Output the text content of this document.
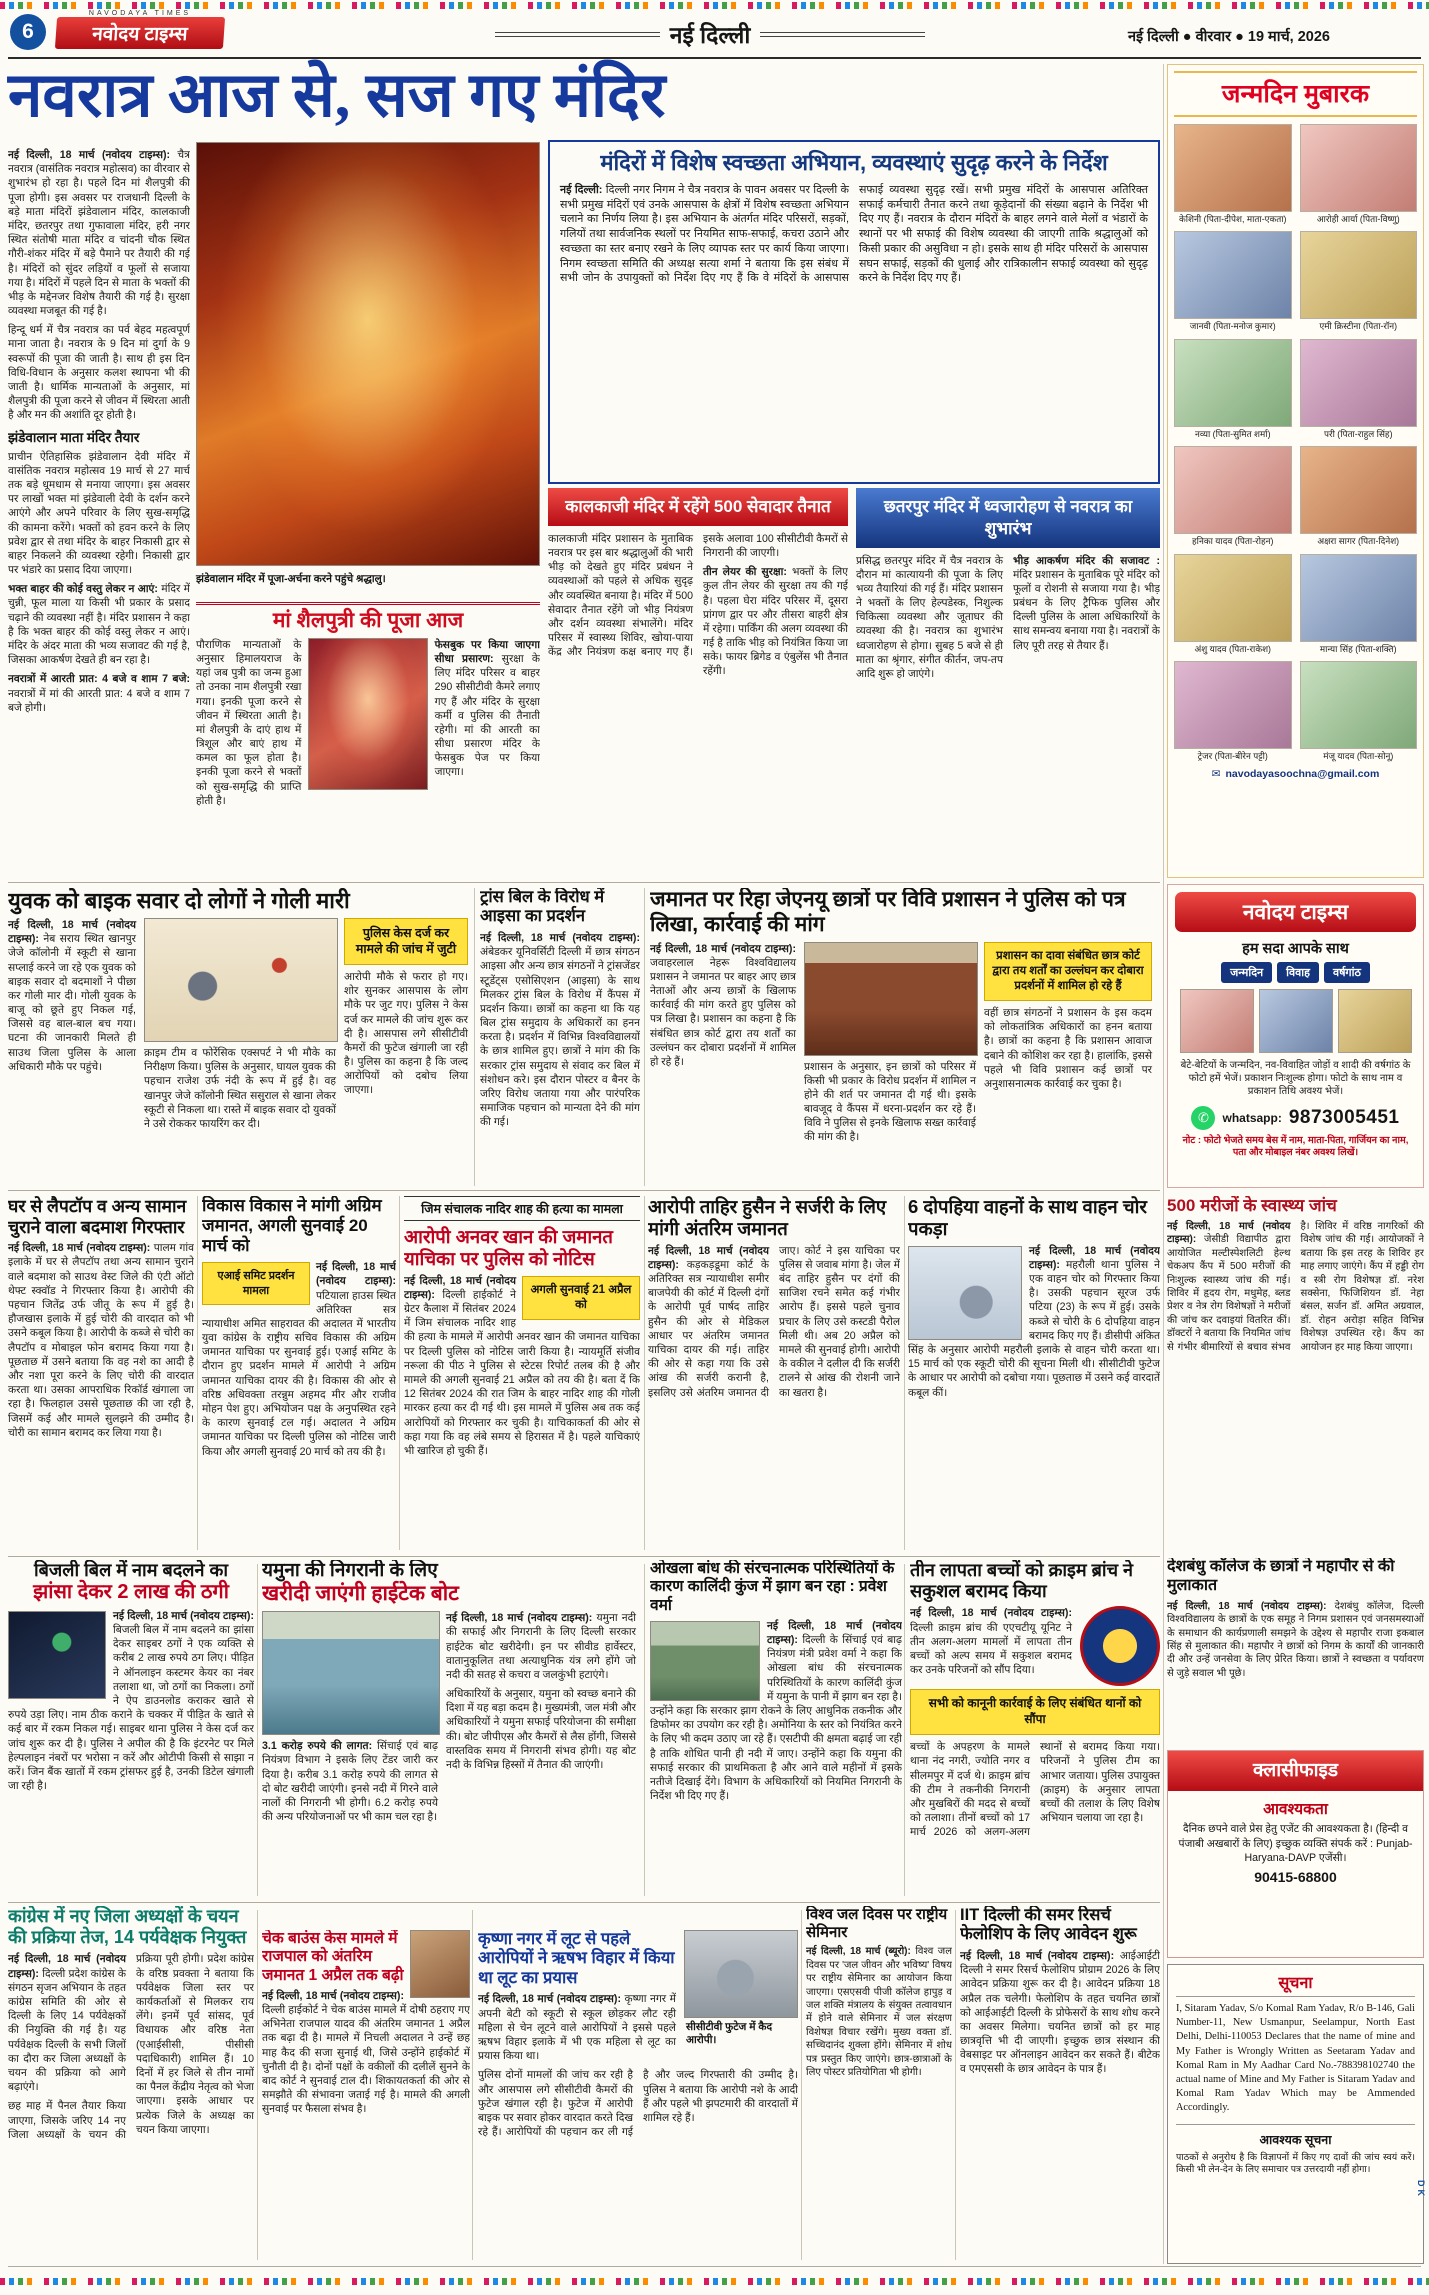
6
NAVODAYA TIMES
नवोदय टाइम्स	नई दिल्ली	नई दिल्ली ● वीरवार ● 19 मार्च, 2026
नवरात्र आज से, सज गए मंदिर

नई दिल्ली, 18 मार्च (नवोदय टाइम्स): चैत्र नवरात्र (वासंतिक नवरात्र महोत्सव) का वीरवार से शुभारंभ हो रहा है। पहले दिन मां शैलपुत्री की पूजा होगी। इस अवसर पर राजधानी दिल्ली के बड़े माता मंदिरों झंडेवालान मंदिर, कालकाजी मंदिर, छतरपुर तथा गुफावाला मंदिर, हरी नगर स्थित संतोषी माता मंदिर व चांदनी चौक स्थित गौरी-शंकर मंदिर में बड़े पैमाने पर तैयारी की गई है। मंदिरों को सुंदर लड़ियों व फूलों से सजाया गया है। मंदिरों में पहले दिन से माता के भक्तों की भीड़ के मद्देनजर विशेष तैयारी की गई है। सुरक्षा व्यवस्था मजबूत की गई है।

हिन्दू धर्म में चैत्र नवरात्र का पर्व बेहद महत्वपूर्ण माना जाता है। नवरात्र के 9 दिन मां दुर्गा के 9 स्वरूपों की पूजा की जाती है। साथ ही इस दिन विधि-विधान के अनुसार कलश स्थापना भी की जाती है। धार्मिक मान्यताओं के अनुसार, मां शैलपुत्री की पूजा करने से जीवन में स्थिरता आती है और मन की अशांति दूर होती है।

झंडेवालान माता मंदिर तैयार

प्राचीन ऐतिहासिक झंडेवालान देवी मंदिर में वासंतिक नवरात्र महोत्सव 19 मार्च से 27 मार्च तक बड़े धूमधाम से मनाया जाएगा। इस अवसर पर लाखों भक्त मां झंडेवाली देवी के दर्शन करने आएंगे और अपने परिवार के लिए सुख-समृद्धि की कामना करेंगे। भक्तों को हवन करने के लिए प्रवेश द्वार से तथा मंदिर के बाहर निकासी द्वार से बाहर निकलने की व्यवस्था रहेगी। निकासी द्वार पर भंडारे का प्रसाद दिया जाएगा।

भक्त बाहर की कोई वस्तु लेकर न आएं: मंदिर में चुन्नी, फूल माला या किसी भी प्रकार के प्रसाद चढ़ाने की व्यवस्था नहीं है। मंदिर प्रशासन ने कहा है कि भक्त बाहर की कोई वस्तु लेकर न आएं। मंदिर के अंदर माता की भव्य सजावट की गई है, जिसका आकर्षण देखते ही बन रहा है।

नवरात्रों में आरती प्रात: 4 बजे व शाम 7 बजे: नवरात्रों में मां की आरती प्रात: 4 बजे व शाम 7 बजे होगी।

झंडेवालान मंदिर में पूजा-अर्चना करने पहुंचे श्रद्धालु।
मां शैलपुत्री की पूजा आज

पौराणिक मान्यताओं के अनुसार हिमालयराज के यहां जब पुत्री का जन्म हुआ तो उनका नाम शैलपुत्री रखा गया। इनकी पूजा करने से जीवन में स्थिरता आती है। मां शैलपुत्री के दाएं हाथ में त्रिशूल और बाएं हाथ में कमल का फूल होता है। इनकी पूजा करने से भक्तों को सुख-समृद्धि की प्राप्ति होती है।

फेसबुक पर किया जाएगा सीधा प्रसारण: सुरक्षा के लिए मंदिर परिसर व बाहर 290 सीसीटीवी कैमरे लगाए गए हैं और मंदिर के सुरक्षा कर्मी व पुलिस की तैनाती रहेगी। मां की आरती का सीधा प्रसारण मंदिर के फेसबुक पेज पर किया जाएगा।

मंदिरों में विशेष स्वच्छता अभियान, व्यवस्थाएं सुदृढ़ करने के निर्देश

नई दिल्ली: दिल्ली नगर निगम ने चैत्र नवरात्र के पावन अवसर पर दिल्ली के सभी प्रमुख मंदिरों एवं उनके आसपास के क्षेत्रों में विशेष स्वच्छता अभियान चलाने का निर्णय लिया है। इस अभियान के अंतर्गत मंदिर परिसरों, सड़कों, गलियों तथा सार्वजनिक स्थलों पर नियमित साफ-सफाई, कचरा उठाने और स्वच्छता का स्तर बनाए रखने के लिए व्यापक स्तर पर कार्य किया जाएगा। निगम स्वच्छता समिति की अध्यक्ष सत्या शर्मा ने बताया कि इस संबंध में सभी जोन के उपायुक्तों को निर्देश दिए गए हैं कि वे मंदिरों के आसपास सफाई व्यवस्था सुदृढ़ रखें। सभी प्रमुख मंदिरों के आसपास अतिरिक्त सफाई कर्मचारी तैनात करने तथा कूड़ेदानों की संख्या बढ़ाने के निर्देश भी दिए गए हैं। नवरात्र के दौरान मंदिरों के बाहर लगने वाले मेलों व भंडारों के स्थानों पर भी सफाई की विशेष व्यवस्था की जाएगी ताकि श्रद्धालुओं को किसी प्रकार की असुविधा न हो। इसके साथ ही मंदिर परिसरों के आसपास सघन सफाई, सड़कों की धुलाई और रात्रिकालीन सफाई व्यवस्था को सुदृढ़ करने के निर्देश दिए गए हैं।

कालकाजी मंदिर में रहेंगे 500 सेवादार तैनात

कालकाजी मंदिर प्रशासन के मुताबिक नवरात्र पर इस बार श्रद्धालुओं की भारी भीड़ को देखते हुए मंदिर प्रबंधन ने व्यवस्थाओं को पहले से अधिक सुदृढ़ और व्यवस्थित बनाया है। मंदिर में 500 सेवादार तैनात रहेंगे जो भीड़ नियंत्रण और दर्शन व्यवस्था संभालेंगे। मंदिर परिसर में स्वास्थ्य शिविर, खोया-पाया केंद्र और नियंत्रण कक्ष बनाए गए हैं। इसके अलावा 100 सीसीटीवी कैमरों से निगरानी की जाएगी।

तीन लेयर की सुरक्षा: भक्तों के लिए कुल तीन लेयर की सुरक्षा तय की गई है। पहला घेरा मंदिर परिसर में, दूसरा प्रांगण द्वार पर और तीसरा बाहरी क्षेत्र में रहेगा। पार्किंग की अलग व्यवस्था की गई है ताकि भीड़ को नियंत्रित किया जा सके। फायर ब्रिगेड व एंबुलेंस भी तैनात रहेंगी।

छतरपुर मंदिर में ध्वजारोहण से नवरात्र का शुभारंभ

प्रसिद्ध छतरपुर मंदिर में चैत्र नवरात्र के दौरान मां कात्यायनी की पूजा के लिए भव्य तैयारियां की गई हैं। मंदिर प्रशासन ने भक्तों के लिए हेल्पडेस्क, निशुल्क चिकित्सा व्यवस्था और जूताघर की व्यवस्था की है। नवरात्र का शुभारंभ ध्वजारोहण से होगा। सुबह 5 बजे से ही माता का श्रृंगार, संगीत कीर्तन, जप-तप आदि शुरू हो जाएंगे।

भीड़ आकर्षण मंदिर की सजावट : मंदिर प्रशासन के मुताबिक पूरे मंदिर को फूलों व रोशनी से सजाया गया है। भीड़ प्रबंधन के लिए ट्रैफिक पुलिस और दिल्ली पुलिस के आला अधिकारियों के साथ समन्वय बनाया गया है। नवरात्रों के लिए पूरी तरह से तैयार हैं।

युवक को बाइक सवार दो लोगों ने गोली मारी

नई दिल्ली, 18 मार्च (नवोदय टाइम्स): नेब सराय स्थित खानपुर जेजे कॉलोनी में स्कूटी से खाना सप्लाई करने जा रहे एक युवक को बाइक सवार दो बदमाशों ने पीछा कर गोली मार दी। गोली युवक के बाजू को छूते हुए निकल गई, जिससे वह बाल-बाल बच गया। घटना की जानकारी मिलते ही साउथ जिला पुलिस के आला अधिकारी मौके पर पहुंचे।

क्राइम टीम व फोरेंसिक एक्सपर्ट ने भी मौके का निरीक्षण किया। पुलिस के अनुसार, घायल युवक की पहचान राजेश उर्फ नंदी के रूप में हुई है। वह खानपुर जेजे कॉलोनी स्थित ससुराल से खाना लेकर स्कूटी से निकला था। रास्ते में बाइक सवार दो युवकों ने उसे रोककर फायरिंग कर दी।

पुलिस केस दर्ज कर मामले की जांच में जुटी

आरोपी मौके से फरार हो गए। शोर सुनकर आसपास के लोग मौके पर जुट गए। पुलिस ने केस दर्ज कर मामले की जांच शुरू कर द‍ी है। आसपास लगे सीसीटीवी कैमरों की फुटेज खंगाली जा रही है। पुलिस का कहना है कि जल्द आरोपियों को दबोच लिया जाएगा।

ट्रांस बिल के विरोध में आइसा का प्रदर्शन

नई दिल्ली, 18 मार्च (नवोदय टाइम्स): अंबेडकर यूनिवर्सिटी दिल्ली में छात्र संगठन आइसा और अन्य छात्र संगठनों ने ट्रांसजेंडर स्टूडेंट्स एसोसिएशन (आइसा) के साथ मिलकर ट्रांस बिल के विरोध में कैंपस में प्रदर्शन किया। छात्रों का कहना था कि यह बिल ट्रांस समुदाय के अधिकारों का हनन करता है। प्रदर्शन में विभिन्न विश्वविद्यालयों के छात्र शामिल हुए। छात्रों ने मांग की कि सरकार ट्रांस समुदाय से संवाद कर बिल में संशोधन करे। इस दौरान पोस्टर व बैनर के जरिए विरोध जताया गया और पारंपरिक समाजिक पहचान को मान्यता देने की मांग की गई।

जमानत पर रिहा जेएनयू छात्रों पर विवि प्रशासन ने पुलिस को पत्र लिखा, कार्रवाई की मांग

नई दिल्ली, 18 मार्च (नवोदय टाइम्स): जवाहरलाल नेहरू विश्वविद्यालय प्रशासन ने जमानत पर बाहर आए छात्र नेताओं और अन्य छात्रों के खिलाफ कार्रवाई की मांग करते हुए पुलिस को पत्र लिखा है। प्रशासन का कहना है कि संबंधित छात्र कोर्ट द्वारा तय शर्तों का उल्लंघन कर दोबारा प्रदर्शनों में शामिल हो रहे हैं।	प्रशासन के अनुसार, इन छात्रों को परिसर में किसी भी प्रकार के विरोध प्रदर्शन में शामिल न होने की शर्त पर जमानत दी गई थी। इसके बावजूद वे कैंपस में धरना-प्रदर्शन कर रहे हैं। विवि ने पुलिस से इनके खिलाफ सख्त कार्रवाई की मांग की है।

प्रशासन का दावा संबंधित छात्र कोर्ट द्वारा तय शर्तों का उल्लंघन कर दोबारा प्रदर्शनों में शामिल हो रहे हैं

वहीं छात्र संगठनों ने प्रशासन के इस कदम को लोकतांत्रिक अधिकारों का हनन बताया है। छात्रों का कहना है कि प्रशासन आवाज दबाने की कोशिश कर रहा है। हालांकि, इससे पहले भी विवि प्रशासन कई छात्रों पर अनुशासनात्मक कार्रवाई कर चुका है।

घर से लैपटॉप व अन्य सामान चुराने वाला बदमाश गिरफ्तार

नई दिल्ली, 18 मार्च (नवोदय टाइम्स): पालम गांव इलाके में घर से लैपटॉप तथा अन्य सामान चुराने वाले बदमाश को साउथ वेस्ट जिले की एंटी ऑटो थेफ्ट स्क्वॉड ने गिरफ्तार किया है। आरोपी की पहचान जितेंद्र उर्फ जीतू के रूप में हुई है। हौजखास इलाके में हुई चोरी की वारदात को भी उसने कबूल किया है। आरोपी के कब्जे से चोरी का लैपटॉप व मोबाइल फोन बरामद किया गया है। पूछताछ में उसने बताया कि वह नशे का आदी है और नशा पूरा करने के लिए चोरी की वारदात करता था। उसका आपराधिक रिकॉर्ड खंगाला जा रहा है। फिलहाल उससे पूछताछ की जा रही है, जिसमें कई और मामले सुलझने की उम्मीद है। चोरी का सामान बरामद कर लिया गया है।

विकास विकास ने मांगी अग्रिम जमानत, अगली सुनवाई 20 मार्च को
एआई समिट प्रदर्शन मामला

नई दिल्ली, 18 मार्च (नवोदय टाइम्स): पटियाला हाउस स्थित अतिरिक्त सत्र न्यायाधीश अमित साहरावत की अदालत में भारतीय युवा कांग्रेस के राष्ट्रीय सचिव विकास की अग्रिम जमानत याचिका पर सुनवाई हुई। एआई समिट के दौरान हुए प्रदर्शन मामले में आरोपी ने अग्रिम जमानत याचिका दायर की है। विकास की ओर से वरिष्ठ अधिवक्ता तरन्नुम अहमद मीर और राजीव मोहन पेश हुए। अभियोजन पक्ष के अनुपस्थित रहने के कारण सुनवाई टल गई। अदालत ने अग्रिम जमानत याचिका पर दिल्ली पुलिस को नोटिस जारी किया और अगली सुनवाई 20 मार्च को तय की है।

जिम संचालक नादिर शाह की हत्या का मामला
आरोपी अनवर खान की जमानत याचिका पर पुलिस को नोटिस
अगली सुनवाई 21 अप्रैल को

नई दिल्ली, 18 मार्च (नवोदय टाइम्स): दिल्ली हाईकोर्ट ने ग्रेटर कैलाश में सितंबर 2024 में जिम संचालक नादिर शाह की हत्या के मामले में आरोपी अनवर खान की जमानत याचिका पर दिल्ली पुलिस को नोटिस जारी किया है। न्यायमूर्ति संजीव नरूला की पीठ ने पुलिस से स्टेटस रिपोर्ट तलब की है और मामले की अगली सुनवाई 21 अप्रैल को तय की है। बता दें कि 12 सितंबर 2024 की रात जिम के बाहर नादिर शाह की गोली मारकर हत्या कर दी गई थी। इस मामले में पुलिस अब तक कई आरोपियों को गिरफ्तार कर चुकी है। याचिकाकर्ता की ओर से कहा गया कि वह लंबे समय से हिरासत में है। पहले याचिकाएं भी खारिज हो चुकी हैं।

आरोपी ताहिर हुसैन ने सर्जरी के लिए मांगी अंतरिम जमानत

नई दिल्ली, 18 मार्च (नवोदय टाइम्स): कड़कड़डूमा कोर्ट के अतिरिक्त सत्र न्यायाधीश समीर बाजपेयी की कोर्ट में दिल्ली दंगों के आरोपी पूर्व पार्षद ताहिर हुसैन की ओर से मेडिकल आधार पर अंतरिम जमानत याचिका दायर की गई। ताहिर की ओर से कहा गया कि उसे आंख की सर्जरी करानी है, इसलिए उसे अंतरिम जमानत दी जाए। कोर्ट ने इस याचिका पर पुलिस से जवाब मांगा है। जेल में बंद ताहिर हुसैन पर दंगों की साजिश रचने समेत कई गंभीर आरोप हैं। इससे पहले चुनाव प्रचार के लिए उसे कस्टडी पैरोल मिली थी। अब 20 अप्रैल को मामले की सुनवाई होगी। आरोपी के वकील ने दलील दी कि सर्जरी टालने से आंख की रोशनी जाने का खतरा है।

6 दोपहिया वाहनों के साथ वाहन चोर पकड़ा

नई दिल्ली, 18 मार्च (नवोदय टाइम्स): महरौली थाना पुलिस ने एक वाहन चोर को गिरफ्तार किया है। उसकी पहचान सूरज उर्फ पटिया (23) के रूप में हुई। उसके कब्जे से चोरी के 6 दोपहिया वाहन बरामद किए गए हैं। डीसीपी अंकित सिंह के अनुसार आरोपी महरौली इलाके से वाहन चोरी करता था। 15 मार्च को एक स्कूटी चोरी की सूचना मिली थी। सीसीटीवी फुटेज के आधार पर आरोपी को दबोचा गया। पूछताछ में उसने कई वारदातें कबूल कीं।

बिजली बिल में नाम बदलने का
झांसा देकर 2 लाख की ठगी

नई दिल्ली, 18 मार्च (नवोदय टाइम्स): बिजली बिल में नाम बदलने का झांसा देकर साइबर ठगों ने एक व्यक्ति से करीब 2 लाख रुपये ठग लिए। पीड़ित ने ऑनलाइन कस्टमर केयर का नंबर तलाशा था, जो ठगों का निकला। ठगों ने ऐप डाउनलोड कराकर खाते से रुपये उड़ा लिए। नाम ठीक कराने के चक्कर में पीड़ित के खाते से कई बार में रकम निकल गई। साइबर थाना पुलिस ने केस दर्ज कर जांच शुरू कर दी है। पुलिस ने अपील की है कि इंटरनेट पर मिले हेल्पलाइन नंबरों पर भरोसा न करें और ओटीपी किसी से साझा न करें। जिन बैंक खातों में रकम ट्रांसफर हुई है, उनकी डिटेल खंगाली जा रही है।

यमुना की निगरानी के लिए
खरीदी जाएंगी हाईटेक बोट

3.1 करोड़ रुपये की लागत: सिंचाई एवं बाढ़ नियंत्रण विभाग ने इसके लिए टेंडर जारी कर दिया है। करीब 3.1 करोड़ रुपये की लागत से दो बोट खरीदी जाएंगी। इनसे नदी में गिरने वाले नालों की निगरानी भी होगी। 6.2 करोड़ रुपये की अन्य परियोजनाओं पर भी काम चल रहा है।

नई दिल्ली, 18 मार्च (नवोदय टाइम्स): यमुना नदी की सफाई और निगरानी के लिए दिल्ली सरकार हाईटेक बोट खरीदेगी। इन पर सीवीड हार्वेस्टर, वातानुकूलित तथा अत्याधुनिक यंत्र लगे होंगे जो नदी की सतह से कचरा व जलकुंभी हटाएंगे।

अधिकारियों के अनुसार, यमुना को स्वच्छ बनाने की दिशा में यह बड़ा कदम है। मुख्यमंत्री, जल मंत्री और अधिकारियों ने यमुना सफाई परियोजना की समीक्षा की। बोट जीपीएस और कैमरों से लैस होंगी, जिससे वास्तविक समय में निगरानी संभव होगी। यह बोट नदी के विभिन्न हिस्सों में तैनात की जाएंगी।

ओखला बांध की संरचनात्मक परिस्थितियों के कारण कालिंदी कुंज में झाग बन रहा : प्रवेश वर्मा

नई दिल्ली, 18 मार्च (नवोदय टाइम्स): दिल्ली के सिंचाई एवं बाढ़ नियंत्रण मंत्री प्रवेश वर्मा ने कहा कि ओखला बांध की संरचनात्मक परिस्थितियों के कारण कालिंदी कुंज में यमुना के पानी में झाग बन रहा है। उन्होंने कहा कि सरकार झाग रोकने के लिए आधुनिक तकनीक और डिफोमर का उपयोग कर रही है। अमोनिया के स्तर को नियंत्रित करने के लिए भी कदम उठाए जा रहे हैं। एसटीपी की क्षमता बढ़ाई जा रही है ताकि शोधित पानी ही नदी में जाए। उन्होंने कहा कि यमुना की सफाई सरकार की प्राथमिकता है और आने वाले महीनों में इसके नतीजे दिखाई देंगे। विभाग के अधिकारियों को नियमित निगरानी के निर्देश भी दिए गए हैं।

तीन लापता बच्चों को क्राइम ब्रांच ने सकुशल बरामद किया

नई दिल्ली, 18 मार्च (नवोदय टाइम्स): दिल्ली क्राइम ब्रांच की एएचटीयू यूनिट ने तीन अलग-अलग मामलों में लापता तीन बच्चों को अल्प समय में सकुशल बरामद कर उनके परिजनों को सौंप दिया।

सभी को कानूनी कार्रवाई के लिए संबंधित थानों को सौंपा

बच्चों के अपहरण के मामले थाना नंद नगरी, ज्योति नगर व सीलमपुर में दर्ज थे। क्राइम ब्रांच की टीम ने तकनीकी निगरानी और मुखबिरों की मदद से बच्चों को तलाशा। तीनों बच्चों को 17 मार्च 2026 को अलग-अलग स्थानों से बरामद किया गया। परिजनों ने पुलिस टीम का आभार जताया। पुलिस उपायुक्त (क्राइम) के अनुसार लापता बच्चों की तलाश के लिए विशेष अभियान चलाया जा रहा है।

कांग्रेस में नए जिला अध्यक्षों के चयन की प्रक्रिया तेज, 14 पर्यवेक्षक नियुक्त

नई दिल्ली, 18 मार्च (नवोदय टाइम्स): दिल्ली प्रदेश कांग्रेस के संगठन सृजन अभियान के तहत कांग्रेस समिति की ओर से दिल्ली के लिए 14 पर्यवेक्षकों की नियुक्ति की गई है। यह पर्यवेक्षक दिल्ली के सभी जिलों का दौरा कर जिला अध्यक्षों के चयन की प्रक्रिया को आगे बढ़ाएंगे।

छह माह में पैनल तैयार किया जाएगा, जिसके जरिए 14 नए जिला अध्यक्षों के चयन की प्रक्रिया पूरी होगी। प्रदेश कांग्रेस के वरिष्ठ प्रवक्ता ने बताया कि पर्यवेक्षक जिला स्तर पर कार्यकर्ताओं से मिलकर राय लेंगे। इनमें पूर्व सांसद, पूर्व विधायक और वरिष्ठ नेता (एआईसीसी, पीसीसी पदाधिकारी) शामिल हैं। 10 दिनों में हर जिले से तीन नामों का पैनल केंद्रीय नेतृत्व को भेजा जाएगा। इसके आधार पर प्रत्येक जिले के अध्यक्ष का चयन किया जाएगा।

चेक बाउंस केस मामले में राजपाल को अंतरिम जमानत 1 अप्रैल तक बढ़ी

नई दिल्ली, 18 मार्च (नवोदय टाइम्स): दिल्ली हाईकोर्ट ने चेक बाउंस मामले में दोषी ठहराए गए अभिनेता राजपाल यादव की अंतरिम जमानत 1 अप्रैल तक बढ़ा दी है। मामले में निचली अदालत ने उन्हें छह माह कैद की सजा सुनाई थी, जिसे उन्होंने हाईकोर्ट में चुनौती दी है। दोनों पक्षों के वकीलों की दलीलें सुनने के बाद कोर्ट ने सुनवाई टाल दी। शिकायतकर्ता की ओर से समझौते की संभावना जताई गई है। मामले की अगली सुनवाई पर फैसला संभव है।

सीसीटीवी फुटेज में कैद आरोपी।
कृष्णा नगर में लूट से पहले आरोपियों ने ऋषभ विहार में किया था लूट का प्रयास

नई दिल्ली, 18 मार्च (नवोदय टाइम्स): कृष्णा नगर में अपनी बेटी को स्कूटी से स्कूल छोड़कर लौट रही महिला से चेन लूटने वाले आरोपियों ने इससे पहले ऋषभ विहार इलाके में भी एक महिला से लूट का प्रयास किया था।

पुलिस दोनों मामलों की जांच कर रही है और आसपास लगे सीसीटीवी कैमरों की फुटेज खंगाल रही है। फुटेज में आरोपी बाइक पर सवार होकर वारदात करते दिख रहे हैं। आरोपियों की पहचान कर ली गई है और जल्द गिरफ्तारी की उम्मीद है। पुलिस ने बताया कि आरोपी नशे के आदी हैं और पहले भी झपटमारी की वारदातों में शामिल रहे हैं।

विश्व जल दिवस पर राष्ट्रीय सेमिनार

नई दिल्ली, 18 मार्च (ब्यूरो): विश्व जल दिवस पर 'जल जीवन और भविष्य' विषय पर राष्ट्रीय सेमिनार का आयोजन किया जाएगा। एसएसवी पीजी कॉलेज हापुड़ व जल शक्ति मंत्रालय के संयुक्त तत्वावधान में होने वाले सेमिनार में जल संरक्षण विशेषज्ञ विचार रखेंगे। मुख्य वक्ता डॉ. सच्चिदानंद शुक्ला होंगे। सेमिनार में शोध पत्र प्रस्तुत किए जाएंगे। छात्र-छात्राओं के लिए पोस्टर प्रतियोगिता भी होगी।

IIT दिल्ली की समर रिसर्च फेलोशिप के लिए आवेदन शुरू

नई दिल्ली, 18 मार्च (नवोदय टाइम्स): आईआईटी दिल्ली ने समर रिसर्च फेलोशिप प्रोग्राम 2026 के लिए आवेदन प्रक्रिया शुरू कर दी है। आवेदन प्रक्रिया 18 अप्रैल तक चलेगी। फेलोशिप के तहत चयनित छात्रों को आईआईटी दिल्ली के प्रोफेसरों के साथ शोध करने का अवसर मिलेगा। चयनित छात्रों को हर माह छात्रवृत्ति भी दी जाएगी। इच्छुक छात्र संस्थान की वेबसाइट पर ऑनलाइन आवेदन कर सकते हैं। बीटेक व एमएससी के छात्र आवेदन के पात्र हैं।

जन्मदिन मुबारक
केशिनी (पिता-दीपेश, माता-एकता)	आरोही आर्या (पिता-विष्णु)
जानवी (पिता-मनोज कुमार)	एमी क्रिस्टीना (पिता-रॉन)
नव्या (पिता-सुमित शर्मा)	परी (पिता-राहुल सिंह)
हनिका यादव (पिता-रोहन)	अक्षरा सागर (पिता-दिनेश)
अंशु यादव (पिता-राकेश)	मान्या सिंह (पिता-शक्ति)
ट्रेजर (पिता-बीरेन पट्टी)	मंजू यादव (पिता-सोनू)
✉ navodayasoochna@gmail.com
नवोदय टाइम्स
हम सदा आपके साथ
जन्मदिन	विवाह	वर्षगांठ
बेटे-बेटियों के जन्मदिन, नव-विवाहित जोड़ों व शादी की वर्षगांठ के फोटो हमें भेजें। प्रकाशन निःशुल्क होगा। फोटो के साथ नाम व प्रकाशन तिथि अवश्य भेजें।
✆	whatsapp: 9873005451
नोट : फोटो भेजते समय बेस में नाम, माता-पिता, गार्जियन का नाम, पता और मोबाइल नंबर अवश्य लिखें।
500 मरीजों के स्वास्थ्य जांच

नई दिल्ली, 18 मार्च (नवोदय टाइम्स): जेसीडी विद्यापीठ द्वारा आयोजित मल्टीस्पेशलिटी हेल्थ चेकअप कैंप में 500 मरीजों की निःशुल्क स्वास्थ्य जांच की गई। शिविर में हृदय रोग, मधुमेह, ब्लड प्रेशर व नेत्र रोग विशेषज्ञों ने मरीजों की जांच कर दवाइयां वितरित कीं। डॉक्टरों ने बताया कि नियमित जांच से गंभीर बीमारियों से बचाव संभव है। शिविर में वरिष्ठ नागरिकों की विशेष जांच की गई। आयोजकों ने बताया कि इस तरह के शिविर हर माह लगाए जाएंगे। कैंप में हड्डी रोग व स्त्री रोग विशेषज्ञ डॉ. नरेश सक्सेना, फिजिशियन डॉ. नेहा बंसल, सर्जन डॉ. अमित अग्रवाल, डॉ. रोहन अरोड़ा सहित विभिन्न विशेषज्ञ उपस्थित रहे। कैंप का आयोजन हर माह किया जाएगा।

देशबंधु कॉलेज के छात्रों ने महापौर से की मुलाकात

नई दिल्ली, 18 मार्च (नवोदय टाइम्स): देशबंधु कॉलेज, दिल्ली विश्वविद्यालय के छात्रों के एक समूह ने निगम प्रशासन एवं जनसमस्याओं के समाधान की कार्यप्रणाली समझने के उद्देश्य से महापौर राजा इकबाल सिंह से मुलाकात की। महापौर ने छात्रों को निगम के कार्यों की जानकारी दी और उन्हें जनसेवा के लिए प्रेरित किया। छात्रों ने स्वच्छता व पर्यावरण से जुड़े सवाल भी पूछे।

क्लासीफाइड
आवश्यकता
दैनिक छपने वाले प्रेस हेतु एजेंट की आवश्यकता है। (हिन्दी व पंजाबी अखबारों के लिए) इच्छुक व्यक्ति संपर्क करें : Punjab-Haryana-DAVP एजेंसी।
90415-68800
सूचना
I, Sitaram Yadav, S/o Komal Ram Yadav, R/o B-146, Gali Number-11, New Usmanpur, Seelampur, North East Delhi, Delhi-110053 Declares that the name of mine and My Father is Wrongly Written as Seetaram Yadav and Komal Ram in My Aadhar Card No.-788398102740 the actual name of Mine and My Father is Sitaram Yadav and Komal Ram Yadav Which may be Ammended Accordingly.
आवश्यक सूचना
पाठकों से अनुरोध है कि विज्ञापनों में किए गए दावों की जांच स्वयं करें। किसी भी लेन-देन के लिए समाचार पत्र उत्तरदायी नहीं होगा।
DK
